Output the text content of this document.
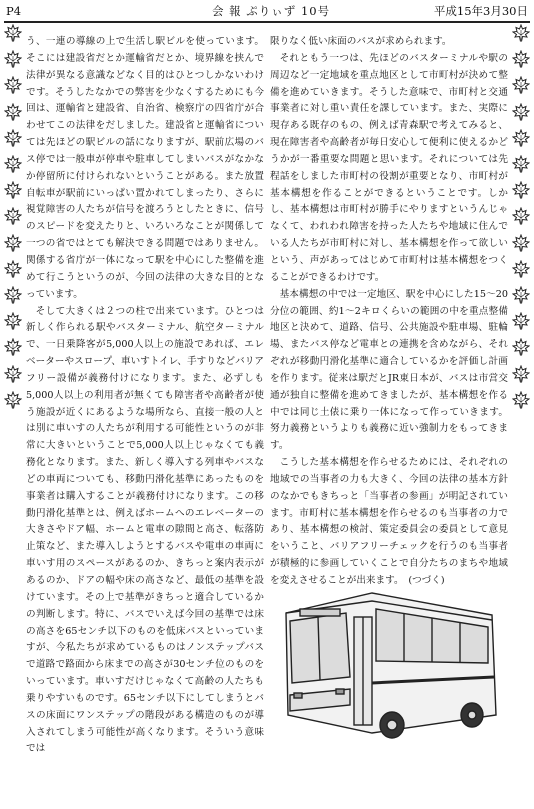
P4	会 報 ぷりぃず 10号	平成15年3月30日

う、一連の導線の上で生活し駅ビルを使っています。そこには建設省だとか運輸省だとか、境界線を挟んで法律が異なる意識などなく目的はひとつしかないわけです。そうしたなかでの弊害を少なくするためにも今回は、運輸省と建設省、自治省、検察庁の四省庁が合わせてこの法律をだしました。建設省と運輸省については先ほどの駅ビルの話になりますが、駅前広場のバス停では一般車が停車や駐車してしまいバスがなかなか停留所に付けられないということがある。また放置自転車が駅前にいっぱい置かれてしまったり、さらに視覚障害の人たちが信号を渡ろうとしたときに、信号のスピードを変えたりと、いろいろなことが関係して一つの省ではとても解決できる問題ではありません。関係する省庁が一体になって駅を中心にした整備を進めて行こうというのが、今回の法律の大きな目的となっています。

そして大きくは２つの柱で出来ています。ひとつは新しく作られる駅やバスターミナル、航空ターミナルで、一日乗降客が5,000人以上の施設であれば、エレベーターやスロープ、車いすトイレ、手すりなどバリアフリー設備が義務付けになります。また、必ずしも5,000人以上の利用者が無くても障害者や高齢者が使う施設が近くにあるような場所なら、直接一般の人とは別に車いすの人たちが利用する可能性というのが非常に大きいということで5,000人以上じゃなくても義務化となります。また、新しく導入する列車やバスなどの車両についても、移動円滑化基準にあったものを事業者は購入することが義務付けになります。この移動円滑化基準とは、例えばホームへのエレベーターの大きさやドア幅、ホームと電車の隙間と高さ、転落防止策など、また導入しようとするバスや電車の車両に車いす用のスペースがあるのか、きちっと案内表示があるのか、ドアの幅や床の高さなど、最低の基準を設けています。その上で基準がきちっと適合しているかの判断します。特に、バスでいえば今回の基準では床の高さを65センチ以下のものを低床バスといっていますが、今私たちが求めているものはノンステップバスで道路で路面から床までの高さが30センチ位のものをいっています。車いすだけじゃなくて高齢の人たちも乗りやすいものです。65センチ以下にしてしまうとバスの床面にワンステップの階段がある構造のものが導入されてしまう可能性が高くなります。そういう意味では

限りなく低い床面のバスが求められます。

それともう一つは、先ほどのバスターミナルや駅の周辺など一定地域を重点地区として市町村が決めて整備を進めていきます。そうした意味で、市町村と交通事業者に対し重い責任を課しています。また、実際に現存ある既存のもの、例えば青森駅で考えてみると、現在障害者や高齢者が毎日安心して便利に使えるかどうかが一番重要な問題と思います。それについては先程話をしました市町村の役割が重要となり、市町村が基本構想を作ることができるということです。しかし、基本構想は市町村が勝手にやりますというんじゃなくて、われわれ障害を持った人たちや地域に住んでいる人たちが市町村に対し、基本構想を作って欲しいという、声があってはじめて市町村は基本構想をつくることができるわけです。

基本構想の中では一定地区、駅を中心にした15〜20分位の範囲、約1〜2キロくらいの範囲の中を重点整備地区と決めて、道路、信号、公共施設や駐車場、駐輪場、またバス停など電車との連携を含めながら、それぞれが移動円滑化基準に適合しているかを評価し計画を作ります。従来は駅だとJR東日本が、バスは市営交通が独自に整備を進めてきましたが、基本構想を作る中では同じ土俵に乗り一体になって作っていきます。努力義務というよりも義務に近い強制力をもってきます。

こうした基本構想を作らせるためには、それぞれの地域での当事者の力も大きく、今回の法律の基本方針のなかでもきちっと「当事者の参画」が明記されています。市町村に基本構想を作らせるのも当事者の力であり、基本構想の検討、策定委員会の委員として意見をいうこと、バリアフリーチェックを行うのも当事者が積極的に参画していくことで自分たちのまちや地域を変えさせることが出来ます。　(つづく)
